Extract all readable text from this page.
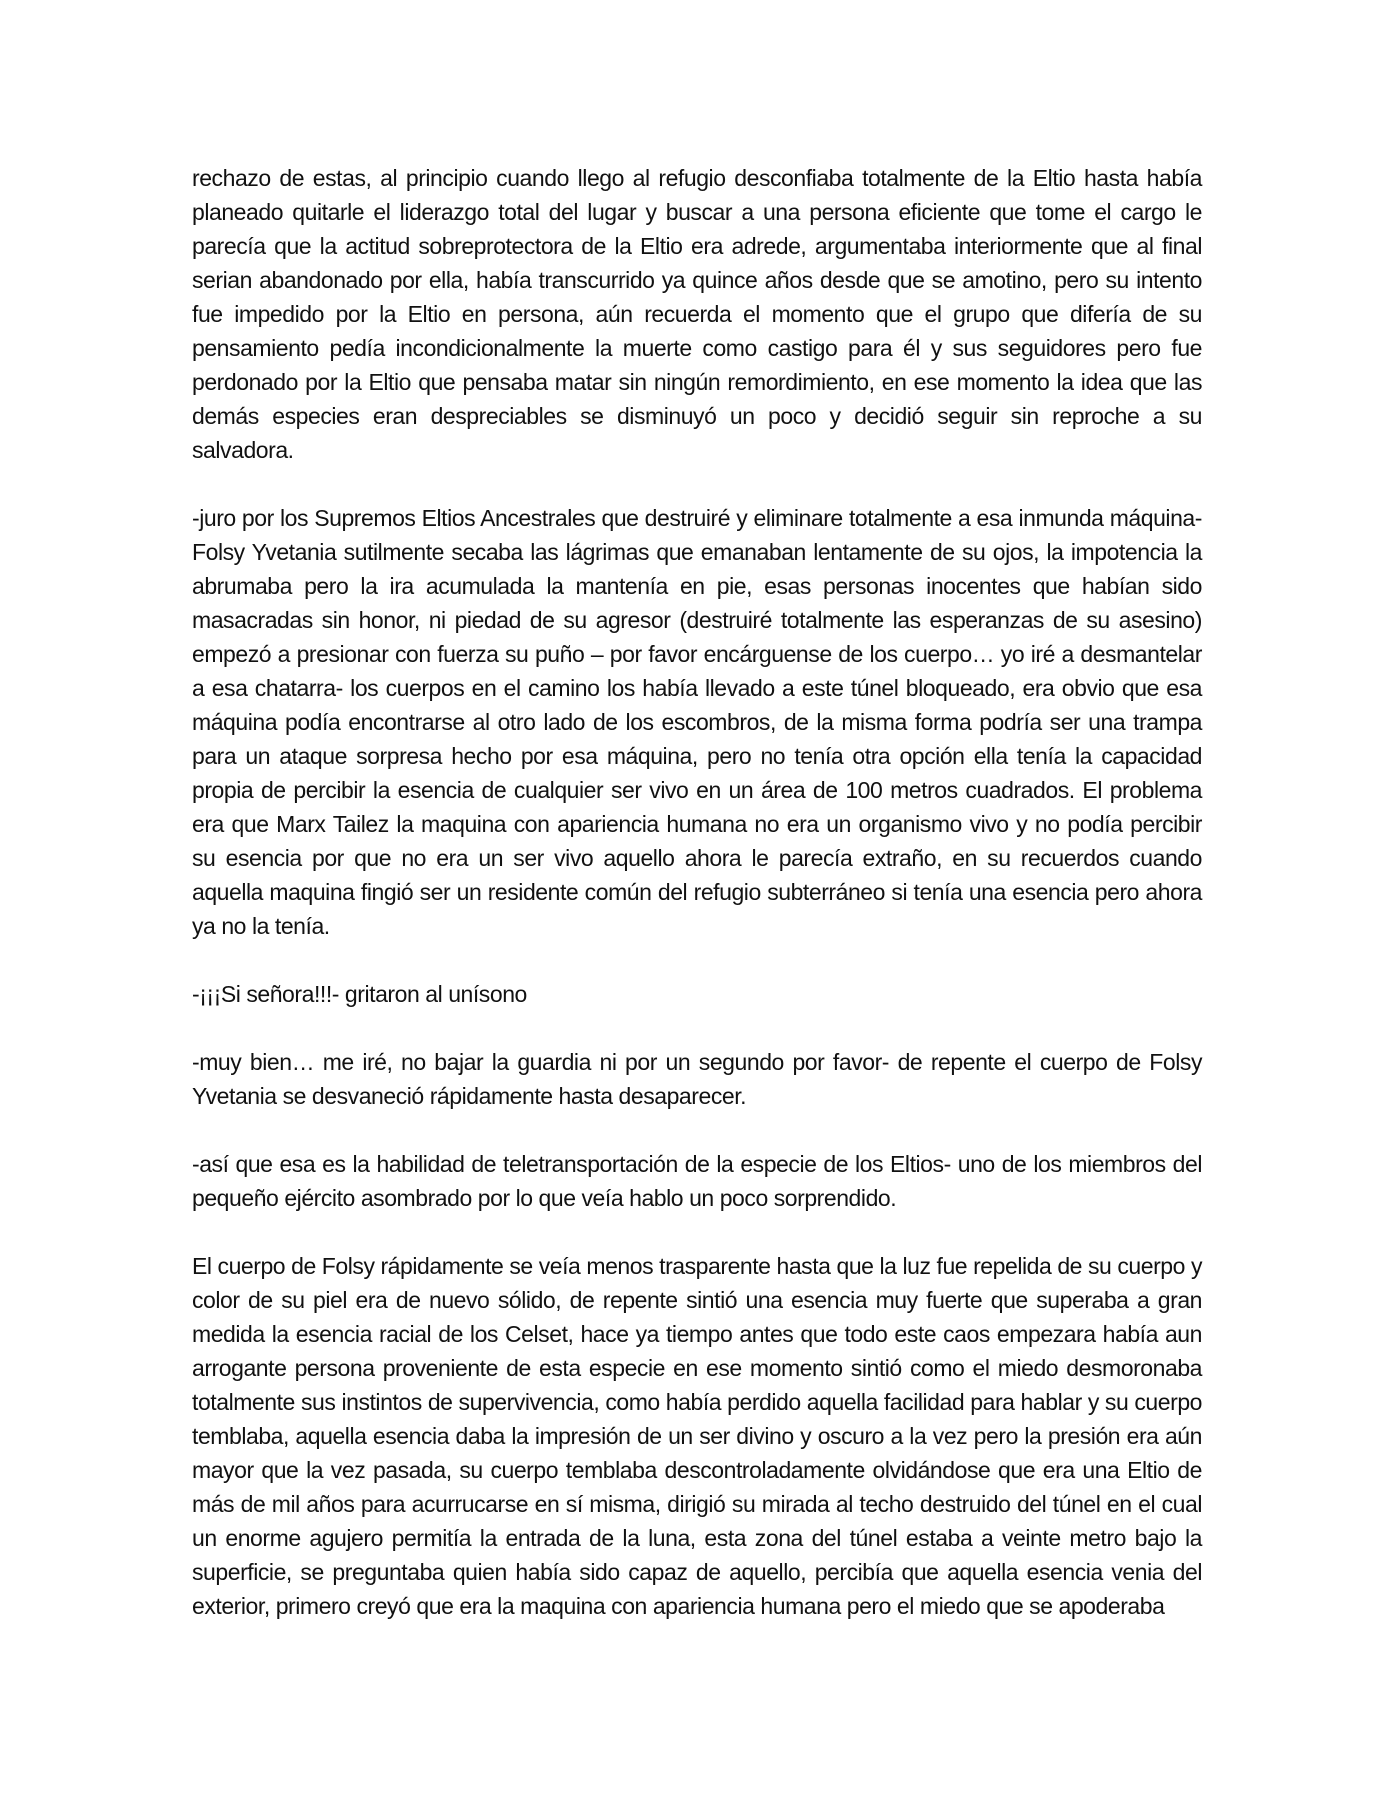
rechazo de estas, al principio cuando llego al refugio desconfiaba totalmente de la Eltio hasta había planeado quitarle el liderazgo total del lugar y buscar a una persona eficiente que tome el cargo le parecía que la actitud sobreprotectora de la Eltio era adrede, argumentaba interiormente que al final serian abandonado por ella, había transcurrido ya quince años desde que se amotino, pero su intento fue impedido por la Eltio en persona, aún recuerda el momento que el grupo que difería de su pensamiento pedía incondicionalmente la muerte como castigo para él y sus seguidores pero fue perdonado por la Eltio que pensaba matar sin ningún remordimiento, en ese momento la idea que las demás especies eran despreciables se disminuyó un poco y decidió seguir sin reproche a su salvadora.

-juro por los Supremos Eltios Ancestrales que destruiré y eliminare totalmente a esa inmunda máquina- Folsy Yvetania sutilmente secaba las lágrimas que emanaban lentamente de su ojos, la impotencia la abrumaba pero la ira acumulada la mantenía en pie, esas personas inocentes que habían sido masacradas sin honor, ni piedad de su agresor (destruiré totalmente las esperanzas de su asesino) empezó a presionar con fuerza su puño – por favor encárguense de los cuerpo… yo iré a desmantelar a esa chatarra- los cuerpos en el camino los había llevado a este túnel bloqueado, era obvio que esa máquina podía encontrarse al otro lado de los escombros, de la misma forma podría ser una trampa para un ataque sorpresa hecho por esa máquina, pero no tenía otra opción ella tenía la capacidad propia de percibir la esencia de cualquier ser vivo en un área de 100 metros cuadrados. El problema era que Marx Tailez la maquina con apariencia humana no era un organismo vivo y no podía percibir su esencia por que no era un ser vivo aquello ahora le parecía extraño, en su recuerdos cuando aquella maquina fingió ser un residente común del refugio subterráneo si tenía una esencia pero ahora ya no la tenía.

-¡¡¡Si señora!!!- gritaron al unísono

-muy bien… me iré, no bajar la guardia ni por un segundo por favor- de repente el cuerpo de Folsy Yvetania se desvaneció rápidamente hasta desaparecer.

-así que esa es la habilidad de teletransportación de la especie de los Eltios- uno de los miembros del pequeño ejército asombrado por lo que veía hablo un poco sorprendido.

El cuerpo de Folsy rápidamente se veía menos trasparente hasta que la luz fue repelida de su cuerpo y color de su piel era de nuevo sólido, de repente sintió una esencia muy fuerte que superaba a gran medida la esencia racial de los Celset, hace ya tiempo antes que todo este caos empezara había aun arrogante persona proveniente de esta especie en ese momento sintió como el miedo desmoronaba totalmente sus instintos de supervivencia, como había perdido aquella facilidad para hablar y su cuerpo temblaba, aquella esencia daba la impresión de un ser divino y oscuro a la vez pero la presión era aún mayor que la vez pasada, su cuerpo temblaba descontroladamente olvidándose que era una Eltio de más de mil años para acurrucarse en sí misma, dirigió su mirada al techo destruido del túnel en el cual un enorme agujero permitía la entrada de la luna, esta zona del túnel estaba a veinte metro bajo la superficie, se preguntaba quien había sido capaz de aquello, percibía que aquella esencia venia del exterior, primero creyó que era la maquina con apariencia humana pero el miedo que se apoderaba
